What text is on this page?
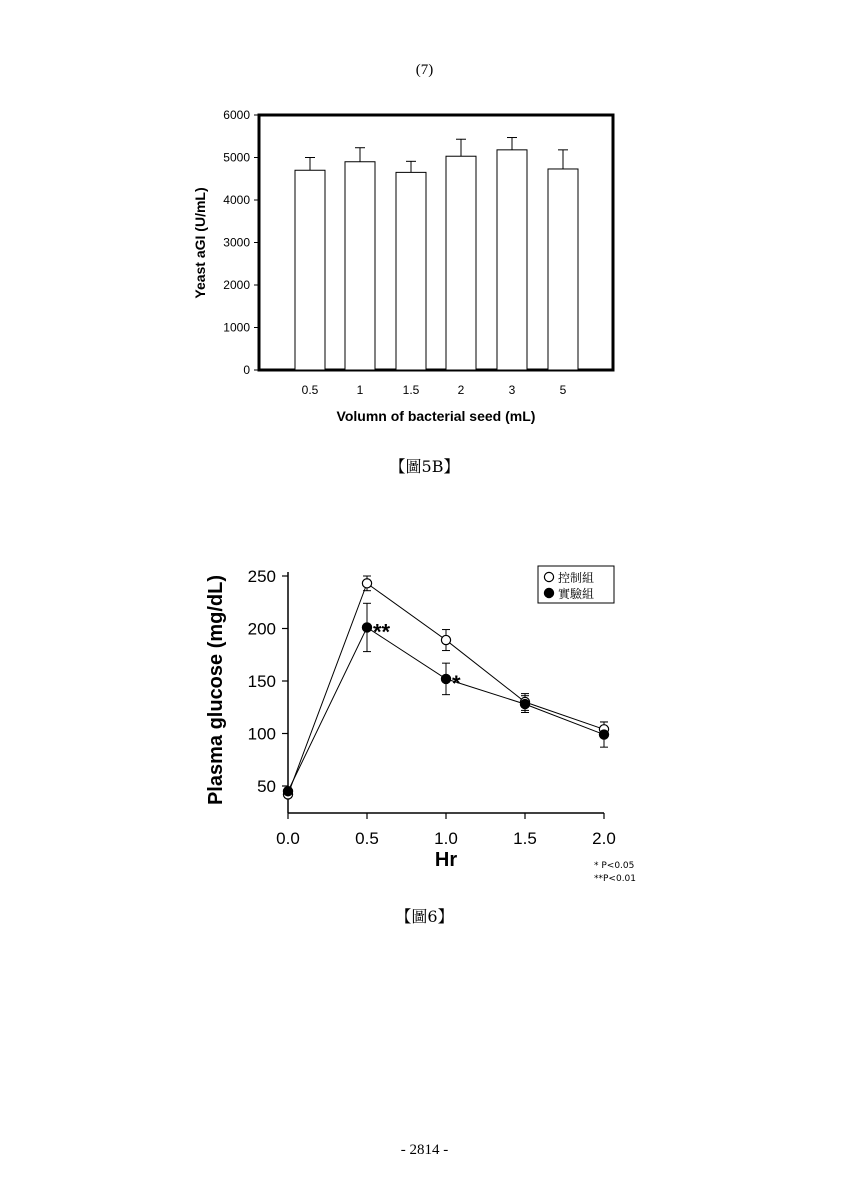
(7)
0
1000
2000
3000
4000
5000
6000
0.5	1	1.5	2	3	5
Volumn of bacterial seed (mL)
Yeast aGI (U/mL)
【圖5B】
50
100
150
200
250
0.0	0.5	1.0	1.5	2.0
**
*
Hr
Plasma glucose (mg/dL)	控制組
實驗組
* P<0.05
**P<0.01
【圖6】
- 2814 -
